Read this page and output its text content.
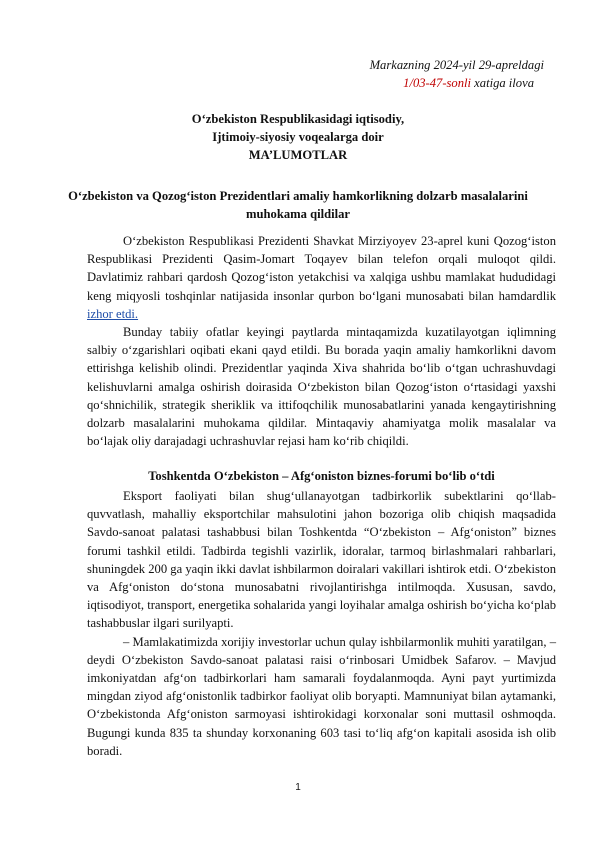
Markazning 2024-yil 29-apreldagi
1/03-47-sonli xatiga ilova
O‘zbekiston Respublikasidagi iqtisodiy,
Ijtimoiy-siyosiy voqealarga doir
MA’LUMOTLAR
O‘zbekiston va Qozog‘iston Prezidentlari amaliy hamkorlikning dolzarb masalalarini muhokama qildilar

O‘zbekiston Respublikasi Prezidenti Shavkat Mirziyoyev 23-aprel kuni Qozog‘iston Respublikasi Prezidenti Qasim-Jomart Toqayev bilan telefon orqali muloqot qildi. Davlatimiz rahbari qardosh Qozog‘iston yetakchisi va xalqiga ushbu mamlakat hududidagi keng miqyosli toshqinlar natijasida insonlar qurbon bo‘lgani munosabati bilan hamdardlik izhor etdi.

Bunday tabiiy ofatlar keyingi paytlarda mintaqamizda kuzatilayotgan iqlimning salbiy o‘zgarishlari oqibati ekani qayd etildi. Bu borada yaqin amaliy hamkorlikni davom ettirishga kelishib olindi. Prezidentlar yaqinda Xiva shahrida bo‘lib o‘tgan uchrashuvdagi kelishuvlarni amalga oshirish doirasida O‘zbekiston bilan Qozog‘iston o‘rtasidagi yaxshi qo‘shnichilik, strategik sheriklik va ittifoqchilik munosabatlarini yanada kengaytirishning dolzarb masalalarini muhokama qildilar. Mintaqaviy ahamiyatga molik masalalar va bo‘lajak oliy darajadagi uchrashuvlar rejasi ham ko‘rib chiqildi.

Toshkentda O‘zbekiston – Afg‘oniston biznes-forumi bo‘lib o‘tdi

Eksport faoliyati bilan shug‘ullanayotgan tadbirkorlik subektlarini qo‘llab-quvvatlash, mahalliy eksportchilar mahsulotini jahon bozoriga olib chiqish maqsadida Savdo-sanoat palatasi tashabbusi bilan Toshkentda “O‘zbekiston – Afg‘oniston” biznes forumi tashkil etildi. Tadbirda tegishli vazirlik, idoralar, tarmoq birlashmalari rahbarlari, shuningdek 200 ga yaqin ikki davlat ishbilarmon doiralari vakillari ishtirok etdi. O‘zbekiston va Afg‘oniston do‘stona munosabatni rivojlantirishga intilmoqda. Xususan, savdo, iqtisodiyot, transport, energetika sohalarida yangi loyihalar amalga oshirish bo‘yicha ko‘plab tashabbuslar ilgari surilyapti.

– Mamlakatimizda xorijiy investorlar uchun qulay ishbilarmonlik muhiti yaratilgan, – deydi O‘zbekiston Savdo-sanoat palatasi raisi o‘rinbosari Umidbek Safarov. – Mavjud imkoniyatdan afg‘on tadbirkorlari ham samarali foydalanmoqda. Ayni payt yurtimizda mingdan ziyod afg‘onistonlik tadbirkor faoliyat olib boryapti. Mamnuniyat bilan aytamanki, O‘zbekistonda Afg‘oniston sarmoyasi ishtirokidagi korxonalar soni muttasil oshmoqda. Bugungi kunda 835 ta shunday korxonaning 603 tasi to‘liq afg‘on kapitali asosida ish olib boradi.

1
